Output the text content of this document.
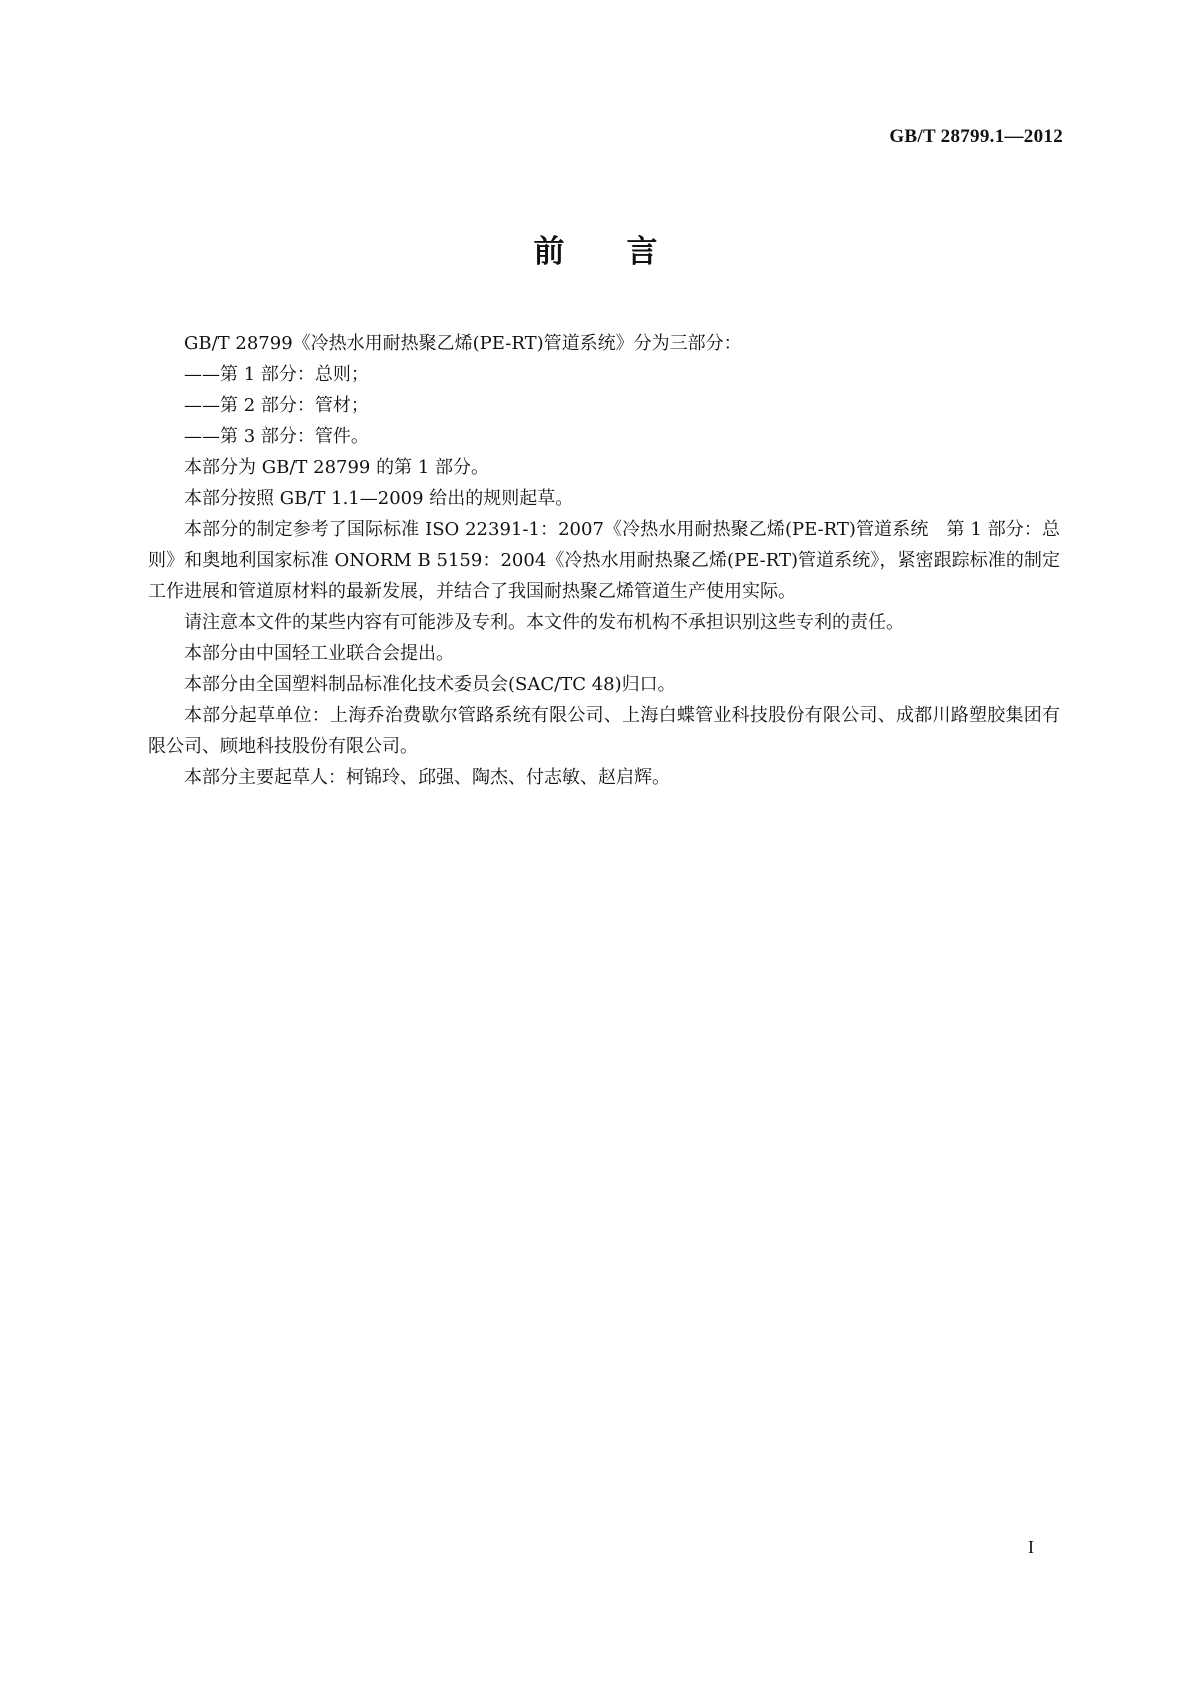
GB/T 28799.1—2012
前 言

GB/T 28799《冷热水用耐热聚乙烯(PE-RT)管道系统》分为三部分：

——第 1 部分：总则；

——第 2 部分：管材；

——第 3 部分：管件。

本部分为 GB/T 28799 的第 1 部分。

本部分按照 GB/T 1.1—2009 给出的规则起草。

本部分的制定参考了国际标准 ISO 22391-1：2007《冷热水用耐热聚乙烯(PE-RT)管道系统　第 1 部分：总则》和奥地利国家标准 ONORM B 5159：2004《冷热水用耐热聚乙烯(PE-RT)管道系统》，紧密跟踪标准的制定工作进展和管道原材料的最新发展，并结合了我国耐热聚乙烯管道生产使用实际。

请注意本文件的某些内容有可能涉及专利。本文件的发布机构不承担识别这些专利的责任。

本部分由中国轻工业联合会提出。

本部分由全国塑料制品标准化技术委员会(SAC/TC 48)归口。

本部分起草单位：上海乔治费歇尔管路系统有限公司、上海白蝶管业科技股份有限公司、成都川路塑胶集团有限公司、顾地科技股份有限公司。

本部分主要起草人：柯锦玲、邱强、陶杰、付志敏、赵启辉。

I
